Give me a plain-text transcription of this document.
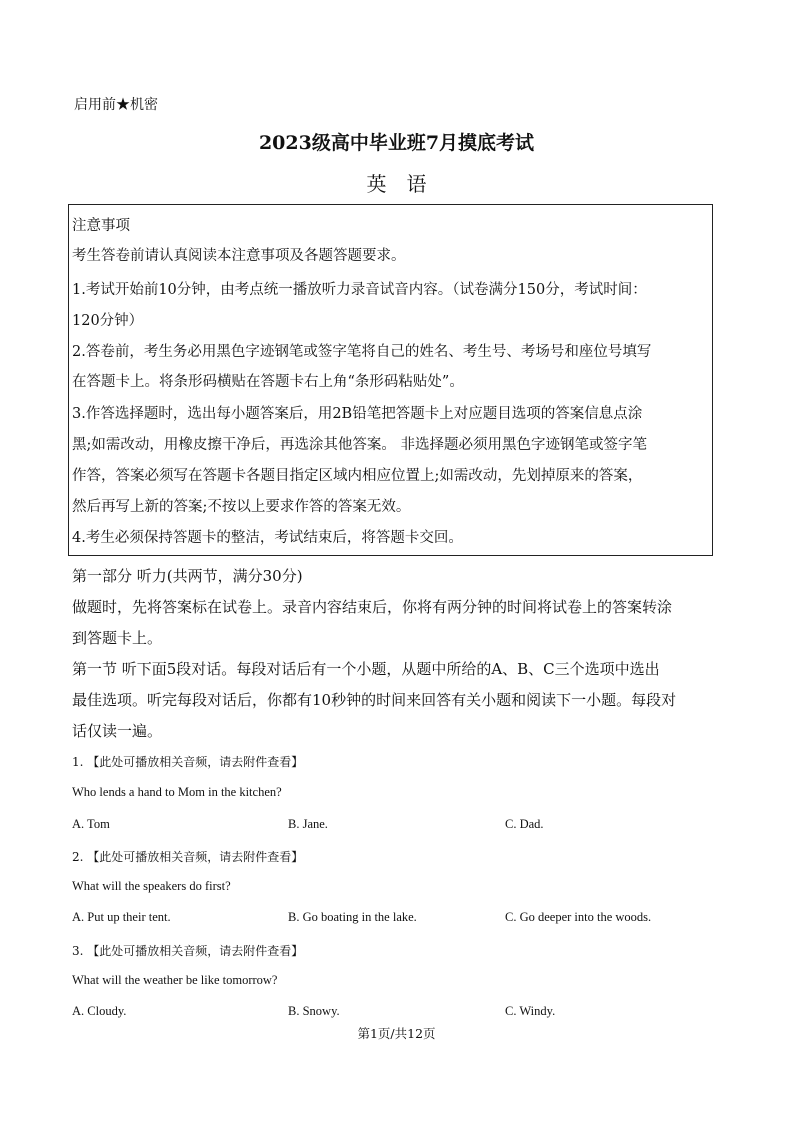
启用前★机密
2023级高中毕业班7月摸底考试
英语
注意事项
考生答卷前请认真阅读本注意事项及各题答题要求。
1.考试开始前10分钟，由考点统一播放听力录音试音内容。（试卷满分150分，考试时间：
120分钟）
2.答卷前，考生务必用黑色字迹钢笔或签字笔将自己的姓名、考生号、考场号和座位号填写
在答题卡上。将条形码横贴在答题卡右上角“条形码粘贴处”。
3.作答选择题时，选出每小题答案后，用2B铅笔把答题卡上对应题目选项的答案信息点涂
黑;如需改动，用橡皮擦干净后，再选涂其他答案。 非选择题必须用黑色字迹钢笔或签字笔
作答，答案必须写在答题卡各题目指定区域内相应位置上;如需改动，先划掉原来的答案，
然后再写上新的答案;不按以上要求作答的答案无效。
4.考生必须保持答题卡的整洁，考试结束后，将答题卡交回。
第一部分 听力(共两节，满分30分)
做题时，先将答案标在试卷上。录音内容结束后，你将有两分钟的时间将试卷上的答案转涂
到答题卡上。
第一节 听下面5段对话。每段对话后有一个小题，从题中所给的A、B、C三个选项中选出
最佳选项。听完每段对话后，你都有10秒钟的时间来回答有关小题和阅读下一小题。每段对
话仅读一遍。
1. 【此处可播放相关音频，请去附件查看】
Who lends a hand to Mom in the kitchen?
A. Tom	B. Jane.	C. Dad.
2. 【此处可播放相关音频，请去附件查看】
What will the speakers do first?
A. Put up their tent.	B. Go boating in the lake.	C. Go deeper into the woods.
3. 【此处可播放相关音频，请去附件查看】
What will the weather be like tomorrow?
A. Cloudy.	B. Snowy.	C. Windy.
第1页/共12页
